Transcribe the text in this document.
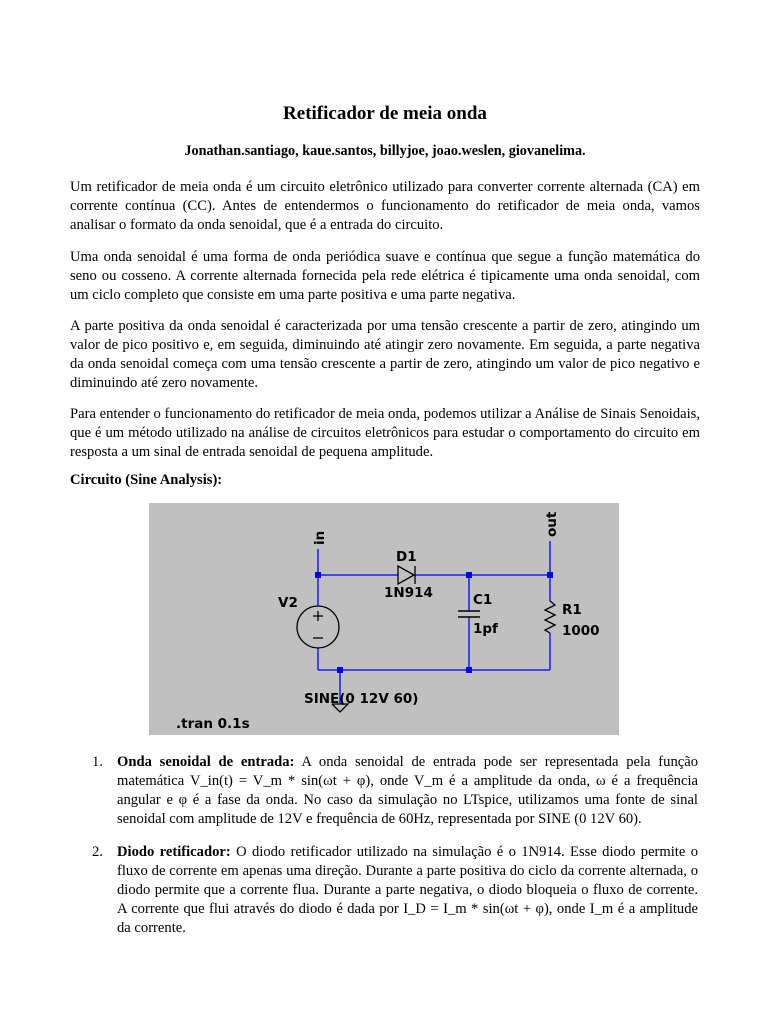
Retificador de meia onda

Jonathan.santiago, kaue.santos, billyjoe, joao.weslen, giovanelima.

Um retificador de meia onda é um circuito eletrônico utilizado para converter corrente alternada (CA) em corrente contínua (CC). Antes de entendermos o funcionamento do retificador de meia onda, vamos analisar o formato da onda senoidal, que é a entrada do circuito.

Uma onda senoidal é uma forma de onda periódica suave e contínua que segue a função matemática do seno ou cosseno. A corrente alternada fornecida pela rede elétrica é tipicamente uma onda senoidal, com um ciclo completo que consiste em uma parte positiva e uma parte negativa.

A parte positiva da onda senoidal é caracterizada por uma tensão crescente a partir de zero, atingindo um valor de pico positivo e, em seguida, diminuindo até atingir zero novamente. Em seguida, a parte negativa da onda senoidal começa com uma tensão crescente a partir de zero, atingindo um valor de pico negativo e diminuindo até zero novamente.

Para entender o funcionamento do retificador de meia onda, podemos utilizar a Análise de Sinais Senoidais, que é um método utilizado na análise de circuitos eletrônicos para estudar o comportamento do circuito em resposta a um sinal de entrada senoidal de pequena amplitude.

Circuito (Sine Analysis):

1. Onda senoidal de entrada: A onda senoidal de entrada pode ser representada pela função matemática V_in(t) = V_m * sin(ωt + φ), onde V_m é a amplitude da onda, ω é a frequência angular e φ é a fase da onda. No caso da simulação no LTspice, utilizamos uma fonte de sinal senoidal com amplitude de 12V e frequência de 60Hz, representada por SINE (0 12V 60).
2. Diodo retificador: O diodo retificador utilizado na simulação é o 1N914. Esse diodo permite o fluxo de corrente em apenas uma direção. Durante a parte positiva do ciclo da corrente alternada, o diodo permite que a corrente flua. Durante a parte negativa, o diodo bloqueia o fluxo de corrente. A corrente que flui através do diodo é dada por I_D = I_m * sin(ωt + φ), onde I_m é a amplitude da corrente.
in
out
D1
1N914	C1
1pf
R1
1000
V2
SINE(0 12V 60)
.tran 0.1s
